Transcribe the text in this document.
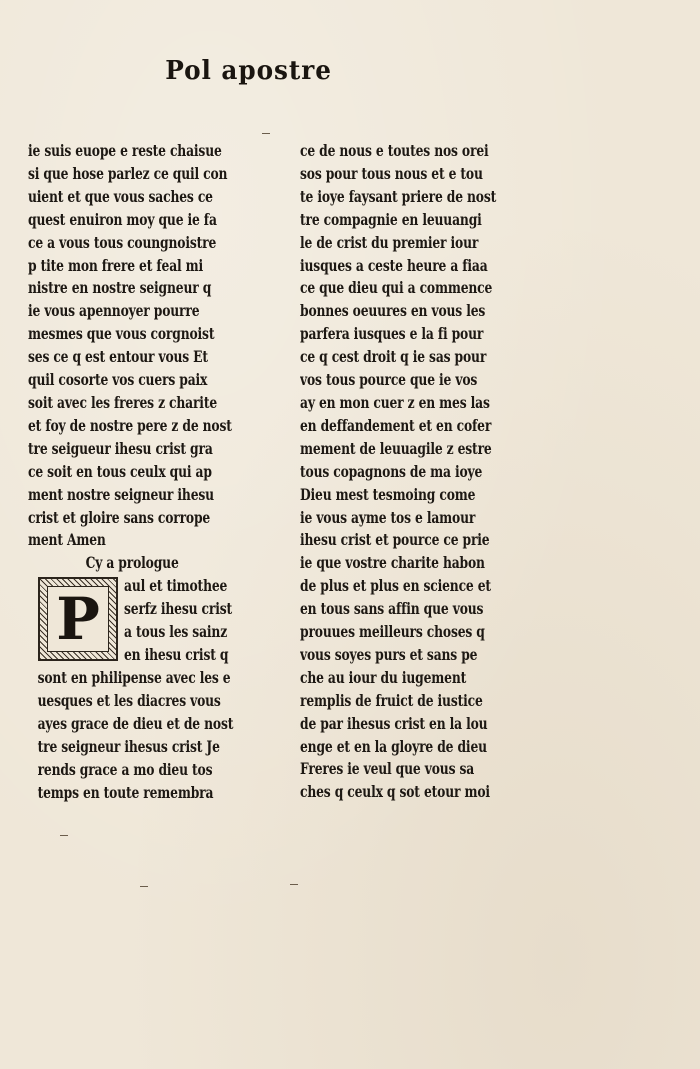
Pol apostre
ie suis euope e reste chaisue
si que hose parlez ce quil con
uient et que vous saches ce
quest enuiron moy que ie fa
ce a vous tous coungnoistre
p tite mon frere et feal mi
nistre en nostre seigneur q
ie vous apennoyer pourre
mesmes que vous corgnoist
ses ce q est entour vous Et
quil cosorte vos cuers paix
soit avec les freres z charite
et foy de nostre pere z de nost
tre seigueur ihesu crist gra
ce soit en tous ceulx qui ap
ment nostre seigneur ihesu
crist et gloire sans corrope
ment Amen
Cy a prologue
P aul et timothee
serfz ihesu crist
a tous les sainz
en ihesu crist q
sont en philipense avec les e
uesques et les diacres vous
ayes grace de dieu et de nost
tre seigneur ihesus crist Je
rends grace a mo dieu tos
temps en toute remembra
ce de nous e toutes nos orei
sos pour tous nous et e tou
te ioye faysant priere de nost
tre compagnie en leuuangi
le de crist du premier iour
iusques a ceste heure a fiaa
ce que dieu qui a commence
bonnes oeuures en vous les
parfera iusques e la fi pour
ce q cest droit q ie sas pour
vos tous pource que ie vos
ay en mon cuer z en mes las
en deffandement et en cofer
mement de leuuagile z estre
tous copagnons de ma ioye
Dieu mest tesmoing come
ie vous ayme tos e lamour
ihesu crist et pource ce prie
ie que vostre charite habon
de plus et plus en science et
en tous sans affin que vous
prouues meilleurs choses q
vous soyes purs et sans pe
che au iour du iugement
remplis de fruict de iustice
de par ihesus crist en la lou
enge et en la gloyre de dieu
Freres ie veul que vous sa
ches q ceulx q sot etour moi
